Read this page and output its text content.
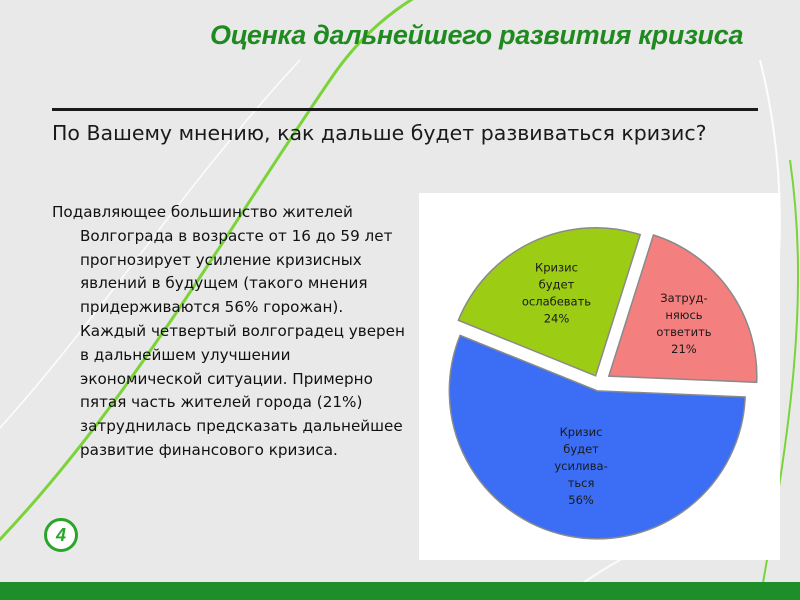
Оценка дальнейшего развития кризиса
По Вашему мнению, как дальше будет развиваться кризис?

Подавляющее большинство жителей Волгограда в возрасте от 16 до 59 лет прогнозирует усиление кризисных явлений в будущем (такого мнения придерживаются 56% горожан). Каждый четвертый волгоградец уверен в дальнейшем улучшении экономической ситуации. Примерно пятая часть жителей города (21%) затруднилась предсказать дальнейшее развитие финансового кризиса.

Кризис
будет
ослабевать
24%
Затруд-
няюсь
ответить
21%
Кризис
будет
усилива-
ться
56%
4
